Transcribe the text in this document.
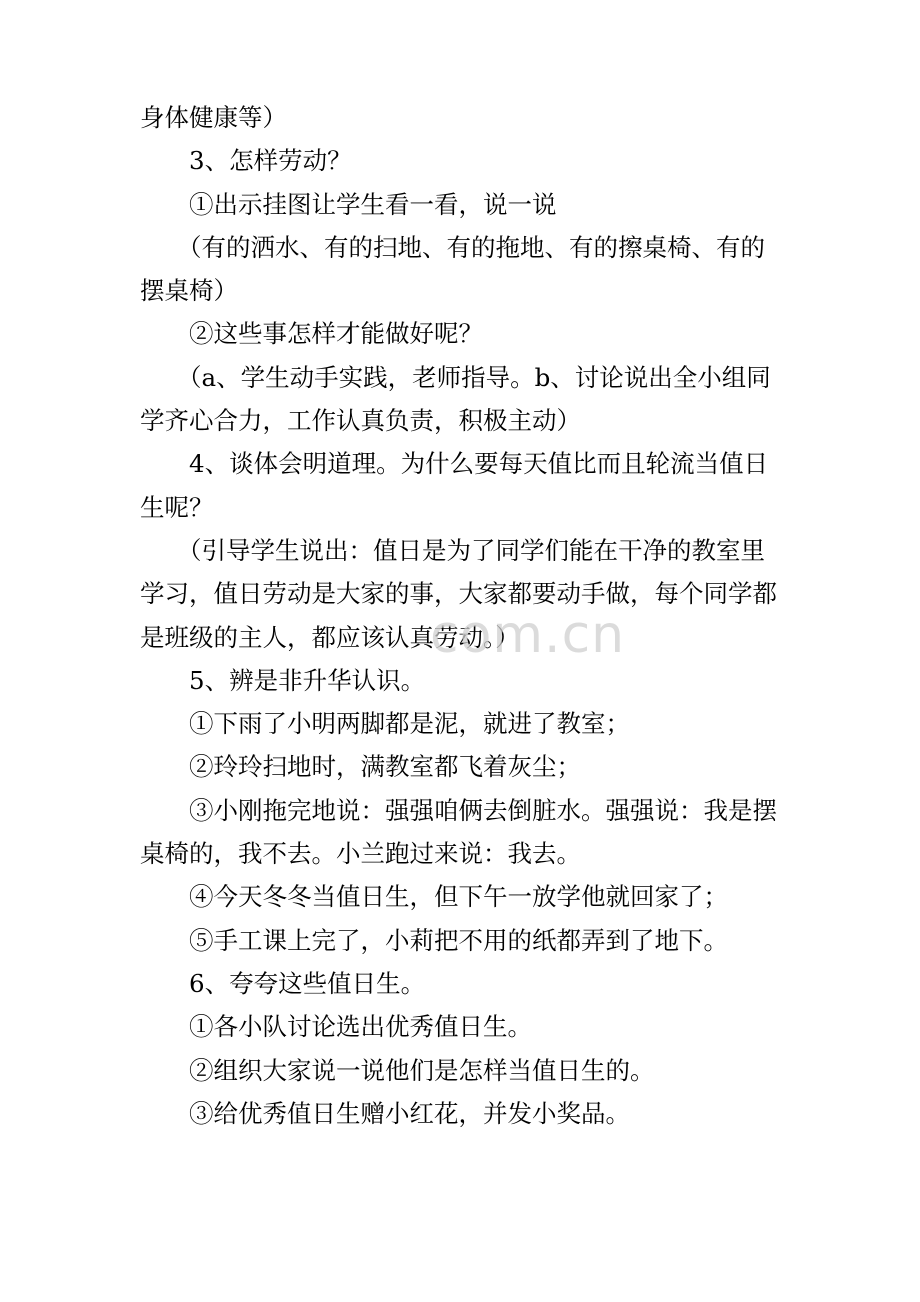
身体健康等）

3、怎样劳动？

①出示挂图让学生看一看，说一说

（有的洒水、有的扫地、有的拖地、有的擦桌椅、有的

摆桌椅）

②这些事怎样才能做好呢？

（a、学生动手实践，老师指导。b、讨论说出全小组同

学齐心合力，工作认真负责，积极主动）

4、谈体会明道理。为什么要每天值比而且轮流当值日

生呢？

（引导学生说出：值日是为了同学们能在干净的教室里

学习，值日劳动是大家的事，大家都要动手做，每个同学都

是班级的主人，都应该认真劳动。）

5、辨是非升华认识。

①下雨了小明两脚都是泥，就进了教室；

②玲玲扫地时，满教室都飞着灰尘；

③小刚拖完地说：强强咱俩去倒脏水。强强说：我是摆

桌椅的，我不去。小兰跑过来说：我去。

④今天冬冬当值日生，但下午一放学他就回家了；

⑤手工课上完了，小莉把不用的纸都弄到了地下。

6、夸夸这些值日生。

①各小队讨论选出优秀值日生。

②组织大家说一说他们是怎样当值日生的。

③给优秀值日生赠小红花，并发小奖品。

com.cn
